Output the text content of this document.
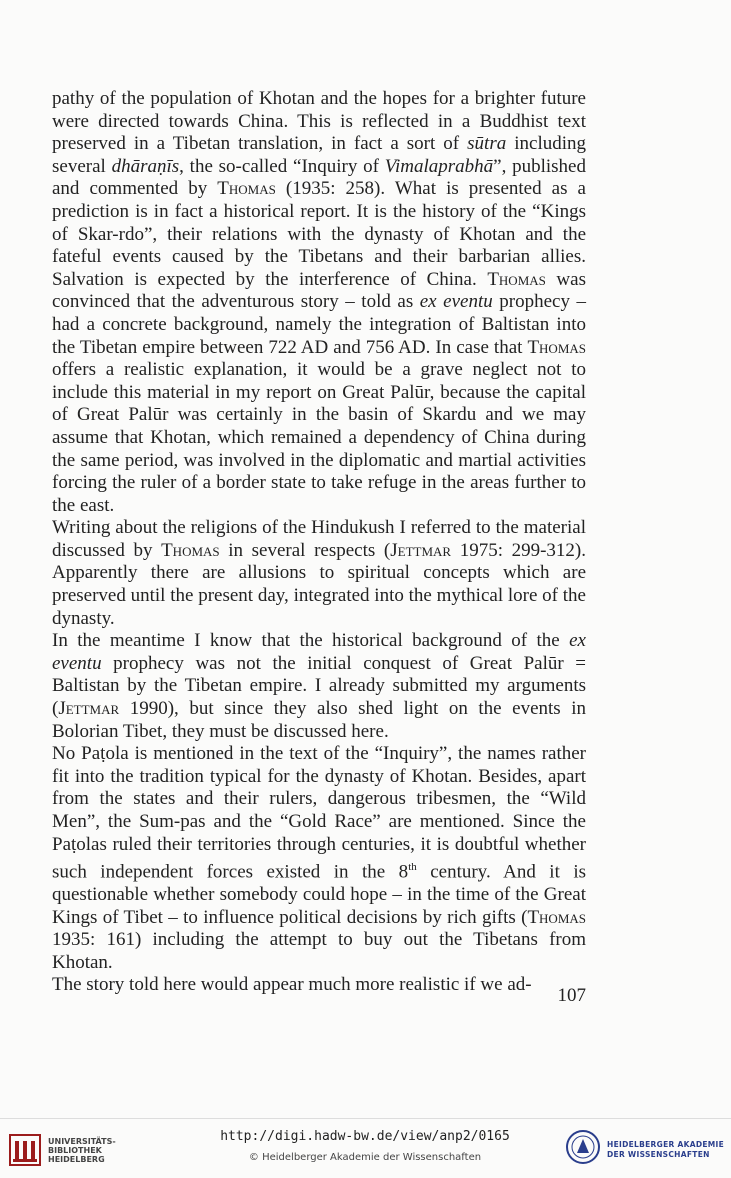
pathy of the population of Khotan and the hopes for a brighter future were directed towards China. This is reflected in a Buddhist text preserved in a Tibetan translation, in fact a sort of sūtra including several dhāraṇīs, the so-called “Inquiry of Vimalaprabhā”, published and commented by Thomas (1935: 258). What is presented as a prediction is in fact a historical report. It is the history of the “Kings of Skar-rdo”, their relations with the dynasty of Khotan and the fateful events caused by the Tibetans and their barbarian allies. Salvation is expected by the interference of China. Thomas was convinced that the adventurous story – told as ex eventu prophecy – had a concrete background, namely the integration of Baltistan into the Tibetan empire between 722 AD and 756 AD. In case that Thomas offers a realistic explanation, it would be a grave neglect not to include this material in my report on Great Palūr, because the capital of Great Palūr was certainly in the basin of Skardu and we may assume that Khotan, which remained a dependency of China during the same period, was involved in the diplomatic and martial activities forcing the ruler of a border state to take refuge in the areas further to the east.

Writing about the religions of the Hindukush I referred to the material discussed by Thomas in several respects (Jettmar 1975: 299-312). Apparently there are allusions to spiritual concepts which are preserved until the present day, integrated into the mythical lore of the dynasty.

In the meantime I know that the historical background of the ex eventu prophecy was not the initial conquest of Great Palūr = Baltistan by the Tibetan empire. I already submitted my arguments (Jettmar 1990), but since they also shed light on the events in Bolorian Tibet, they must be discussed here.

No Paṭola is mentioned in the text of the “Inquiry”, the names rather fit into the tradition typical for the dynasty of Khotan. Besides, apart from the states and their rulers, dangerous tribesmen, the “Wild Men”, the Sum-pas and the “Gold Race” are mentioned. Since the Paṭolas ruled their territories through centuries, it is doubtful whether such independent forces existed in the 8th century. And it is questionable whether somebody could hope – in the time of the Great Kings of Tibet – to influence political decisions by rich gifts (Thomas 1935: 161) including the attempt to buy out the Tibetans from Khotan.

The story told here would appear much more realistic if we ad-

107
UNIVERSITÄTS-
BIBLIOTHEK
HEIDELBERG
http://digi.hadw-bw.de/view/anp2/0165
© Heidelberger Akademie der Wissenschaften
HEIDELBERGER AKADEMIE
DER WISSENSCHAFTEN
